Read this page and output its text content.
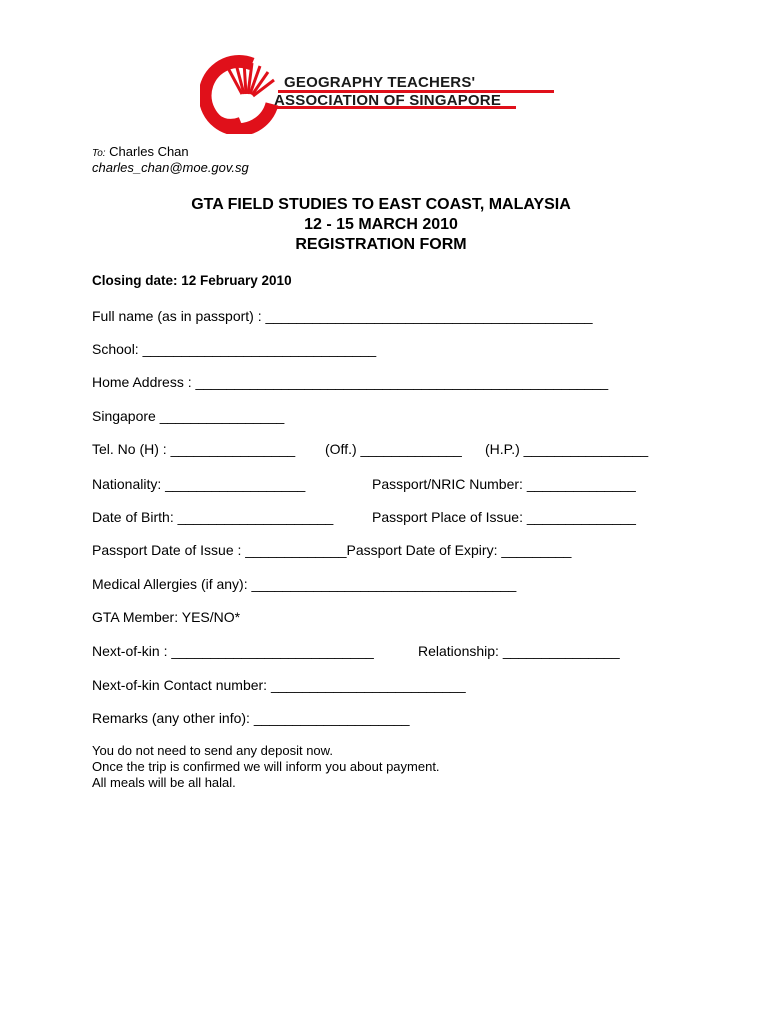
GEOGRAPHY TEACHERS'
ASSOCIATION OF SINGAPORE
To: Charles Chan
charles_chan@moe.gov.sg
GTA FIELD STUDIES TO EAST COAST, MALAYSIA
12 - 15 MARCH 2010
REGISTRATION FORM
Closing date: 12 February 2010
Full name (as in passport) : __________________________________________
School: ______________________________
Home Address : _____________________________________________________
Singapore ________________
Tel. No (H) : ________________ (Off.) _____________ (H.P.) ________________
Nationality: __________________	Passport/NRIC Number: ______________
Date of Birth: ____________________	Passport Place of Issue: ______________
Passport Date of Issue : _____________Passport Date of Expiry: _________
Medical Allergies (if any): __________________________________
GTA Member: YES/NO*
Next-of-kin : __________________________	Relationship: _______________
Next-of-kin Contact number: _________________________
Remarks (any other info): ____________________
You do not need to send any deposit now.
Once the trip is confirmed we will inform you about payment.
All meals will be all halal.
